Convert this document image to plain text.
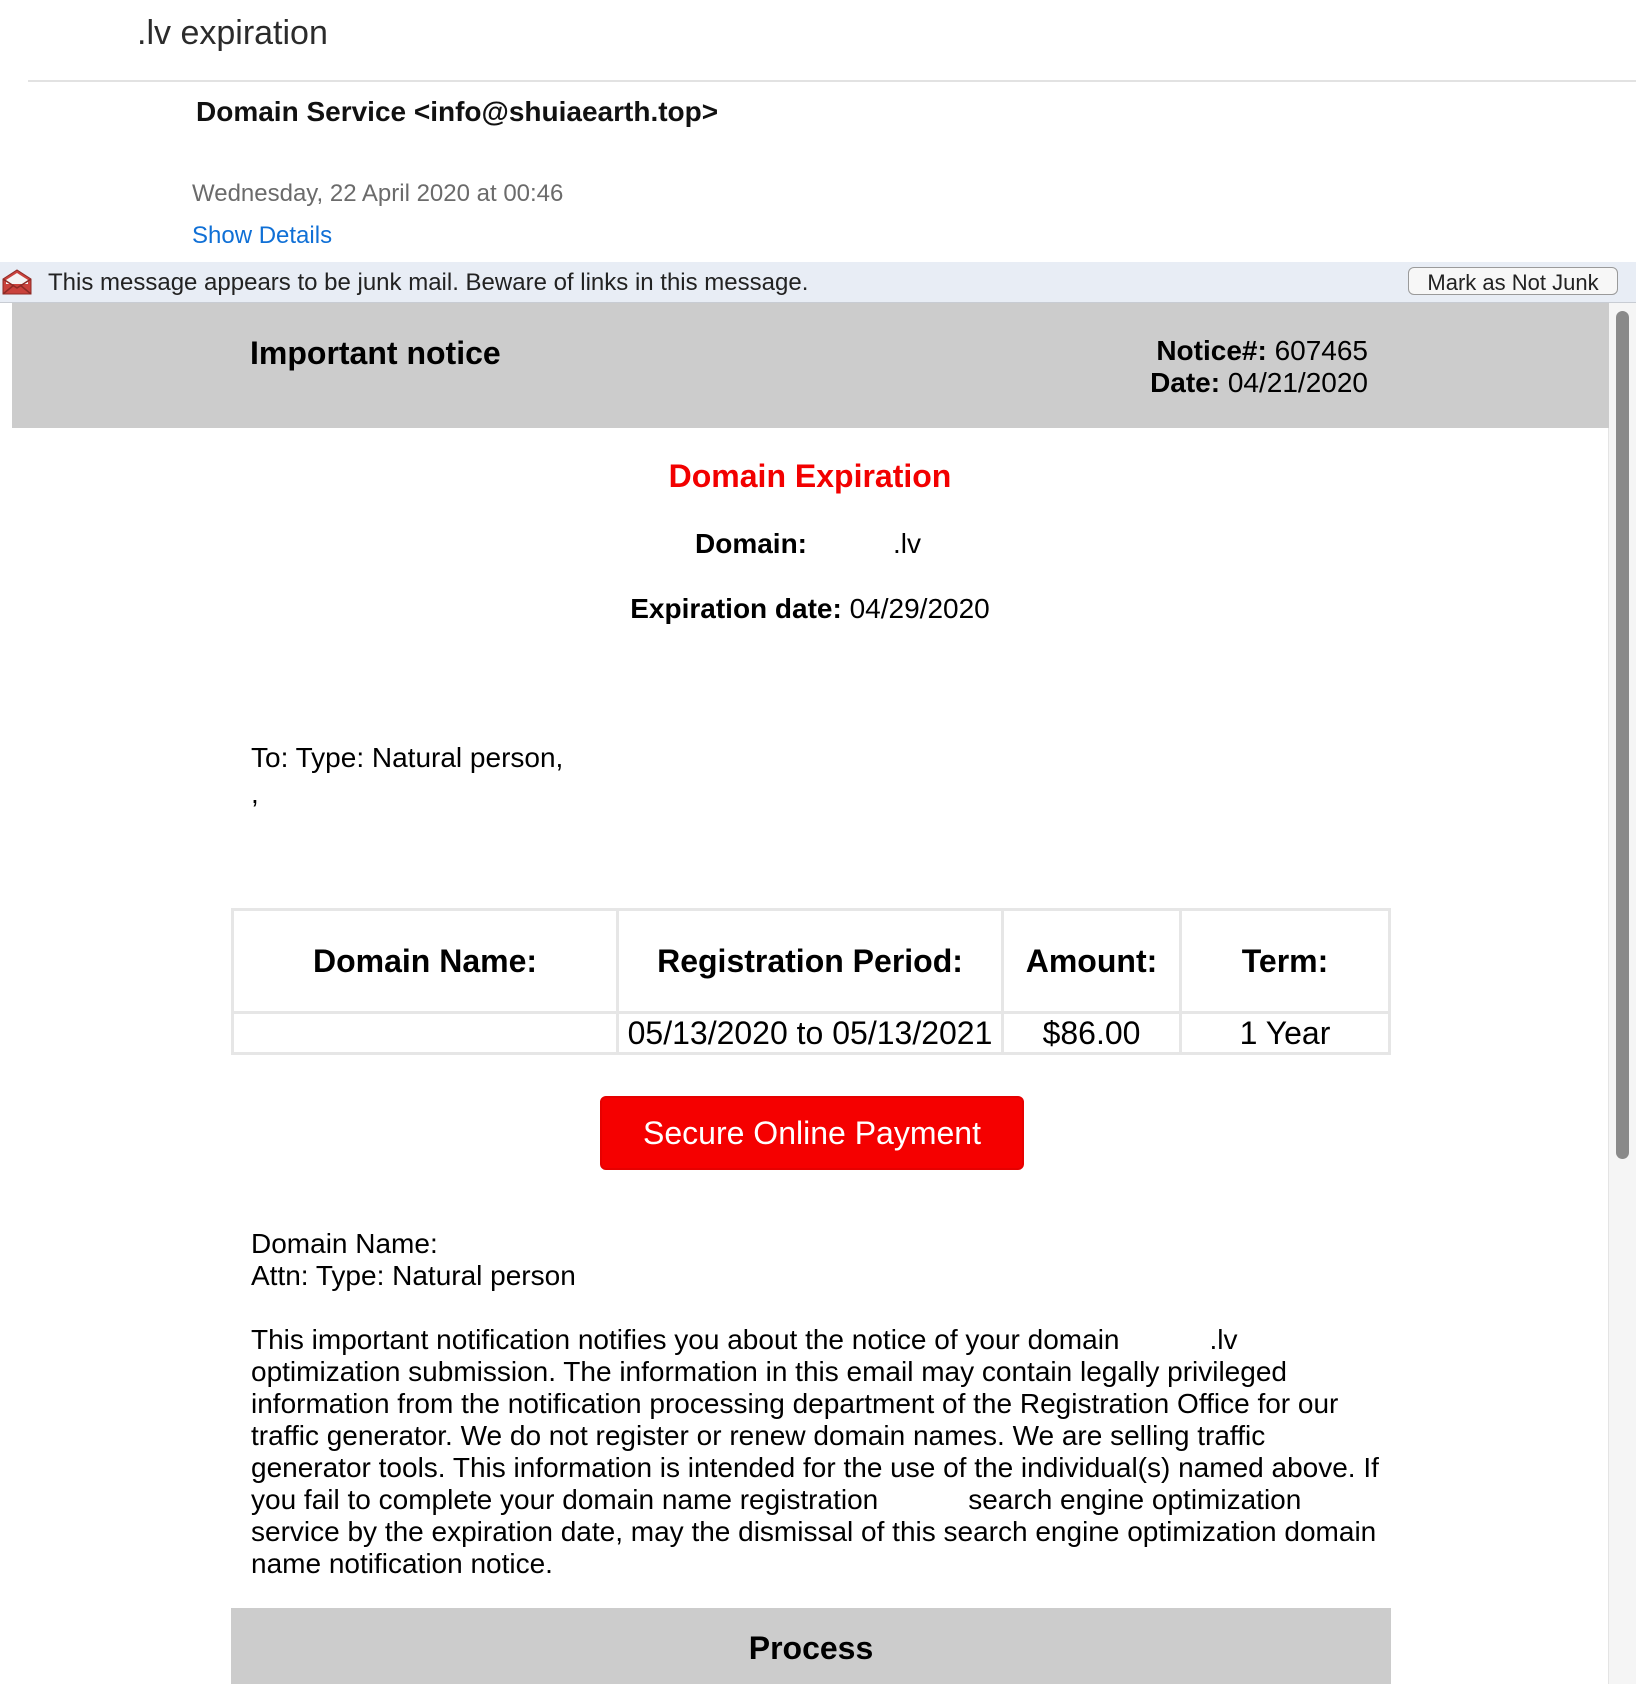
.lv expiration
Domain Service <info@shuiaearth.top>
Wednesday, 22 April 2020 at 00:46
Show Details
This message appears to be junk mail. Beware of links in this message.	Mark as Not Junk
Important notice	Notice#: 607465
Date: 04/21/2020
Domain Expiration
Domain:	.lv
Expiration date: 04/29/2020
To: Type: Natural person,
,
Domain Name:	Registration Period:	Amount:	Term:
	05/13/2020 to 05/13/2021	$86.00	1 Year
Secure Online Payment
Domain Name:
Attn: Type: Natural person
This important notification notifies you about the notice of your domain	.lv optimization submission. The information in this email may contain legally privileged information from the notification processing department of the Registration Office for our traffic generator. We do not register or renew domain names. We are selling traffic generator tools. This information is intended for the use of the individual(s) named above. If you fail to complete your domain name registration	search engine optimization service by the expiration date, may the dismissal of this search engine optimization domain name notification notice.
Process
